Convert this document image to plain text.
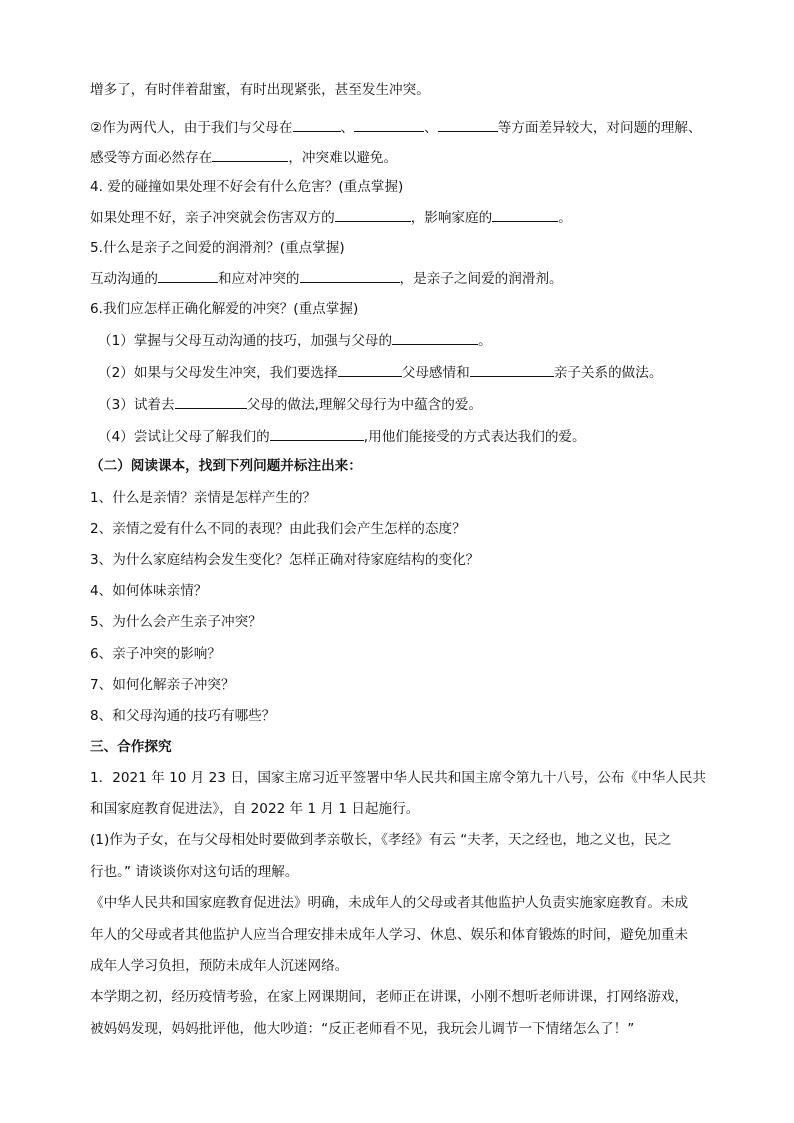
增多了，有时伴着甜蜜，有时出现紧张，甚至发生冲突。
②作为两代人，由于我们与父母在	、	、	等方面差异较大，对问题的理解、
感受等方面必然存在	，冲突难以避免。
4. 爱的碰撞如果处理不好会有什么危害？(重点掌握)
如果处理不好，亲子冲突就会伤害双方的	，影响家庭的	。
5.什么是亲子之间爱的润滑剂？(重点掌握)
互动沟通的	和应对冲突的	，是亲子之间爱的润滑剂。
6.我们应怎样正确化解爱的冲突？(重点掌握)
（1）掌握与父母互动沟通的技巧，加强与父母的	。
（2）如果与父母发生冲突，我们要选择	父母感情和	亲子关系的做法。
（3）试着去	父母的做法,理解父母行为中蕴含的爱。
（4）尝试让父母了解我们的	,用他们能接受的方式表达我们的爱。
（二）阅读课本，找到下列问题并标注出来：
1、什么是亲情？亲情是怎样产生的？
2、亲情之爱有什么不同的表现？由此我们会产生怎样的态度？
3、为什么家庭结构会发生变化？怎样正确对待家庭结构的变化？
4、如何体味亲情？
5、为什么会产生亲子冲突？
6、亲子冲突的影响？
7、如何化解亲子冲突？
8、和父母沟通的技巧有哪些？
三、合作探究
1．2021 年 10 月 23 日，国家主席习近平签署中华人民共和国主席令第九十八号，公布《中华人民共
和国家庭教育促进法》，自 2022 年 1 月 1 日起施行。
(1)作为子女，在与父母相处时要做到孝亲敬长，《孝经》有云 “夫孝，天之经也，地之义也，民之
行也。” 请谈谈你对这句话的理解。
《中华人民共和国家庭教育促进法》明确，未成年人的父母或者其他监护人负责实施家庭教育。未成
年人的父母或者其他监护人应当合理安排未成年人学习、休息、娱乐和体育锻炼的时间，避免加重未
成年人学习负担，预防未成年人沉迷网络。
本学期之初，经历疫情考验，在家上网课期间，老师正在讲课，小刚不想听老师讲课，打网络游戏，
被妈妈发现，妈妈批评他，他大吵道：“反正老师看不见，我玩会儿调节一下情绪怎么了！”
